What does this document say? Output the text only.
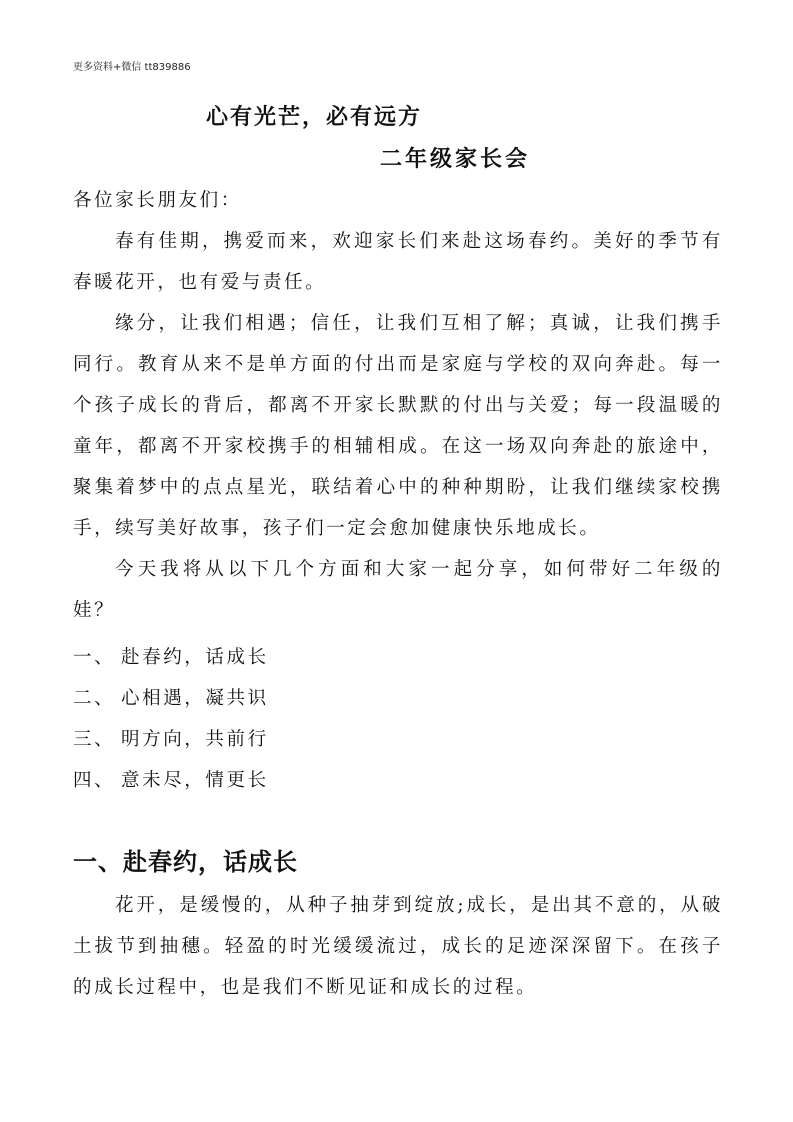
更多资料+微信 tt839886
心有光芒，必有远方
二年级家长会

各位家长朋友们：

春有佳期，携爱而来，欢迎家长们来赴这场春约。美好的季节有春暖花开，也有爱与责任。

缘分，让我们相遇；信任，让我们互相了解；真诚，让我们携手同行。教育从来不是单方面的付出而是家庭与学校的双向奔赴。每一个孩子成长的背后，都离不开家长默默的付出与关爱；每一段温暖的童年，都离不开家校携手的相辅相成。在这一场双向奔赴的旅途中，聚集着梦中的点点星光，联结着心中的种种期盼，让我们继续家校携手，续写美好故事，孩子们一定会愈加健康快乐地成长。

今天我将从以下几个方面和大家一起分享，如何带好二年级的娃？

一、 赴春约，话成长
二、 心相遇，凝共识
三、 明方向，共前行
四、 意未尽，情更长
一、赴春约，话成长

花开，是缓慢的，从种子抽芽到绽放;成长，是出其不意的，从破土拔节到抽穗。轻盈的时光缓缓流过，成长的足迹深深留下。在孩子的成长过程中，也是我们不断见证和成长的过程。
